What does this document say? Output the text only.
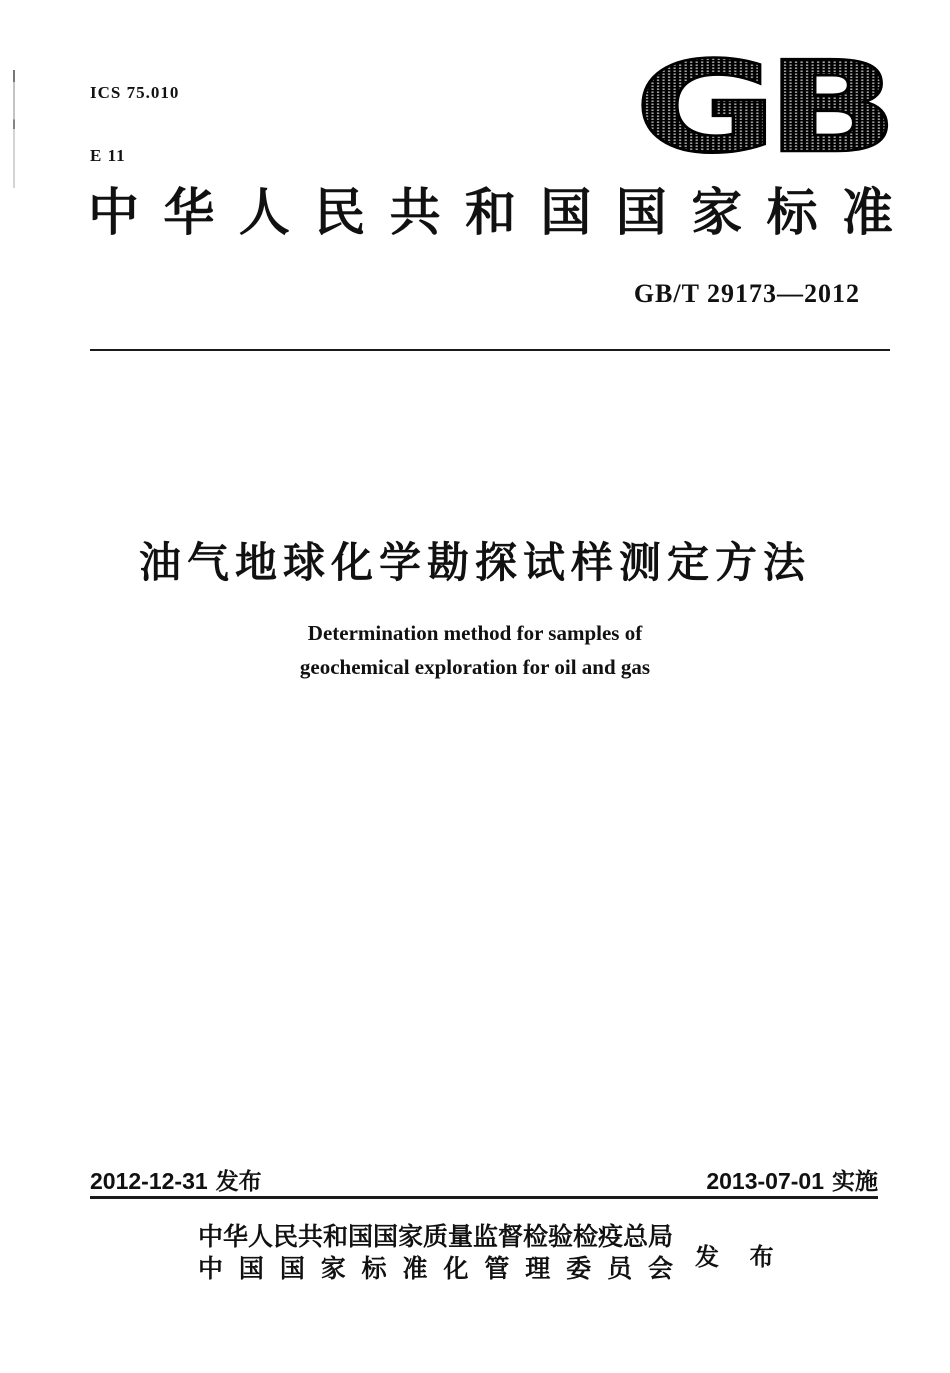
ICS 75.010

E 11

	GB
中华人民共和国国家标准
GB/T 29173—2012
油气地球化学勘探试样测定方法
Determination method for samples of
geochemical exploration for oil and gas
2012-12-31 发布	2013-07-01 实施
中华人民共和国国家质量监督检验检疫总局
中国国家标准化管理委员会 发 布
